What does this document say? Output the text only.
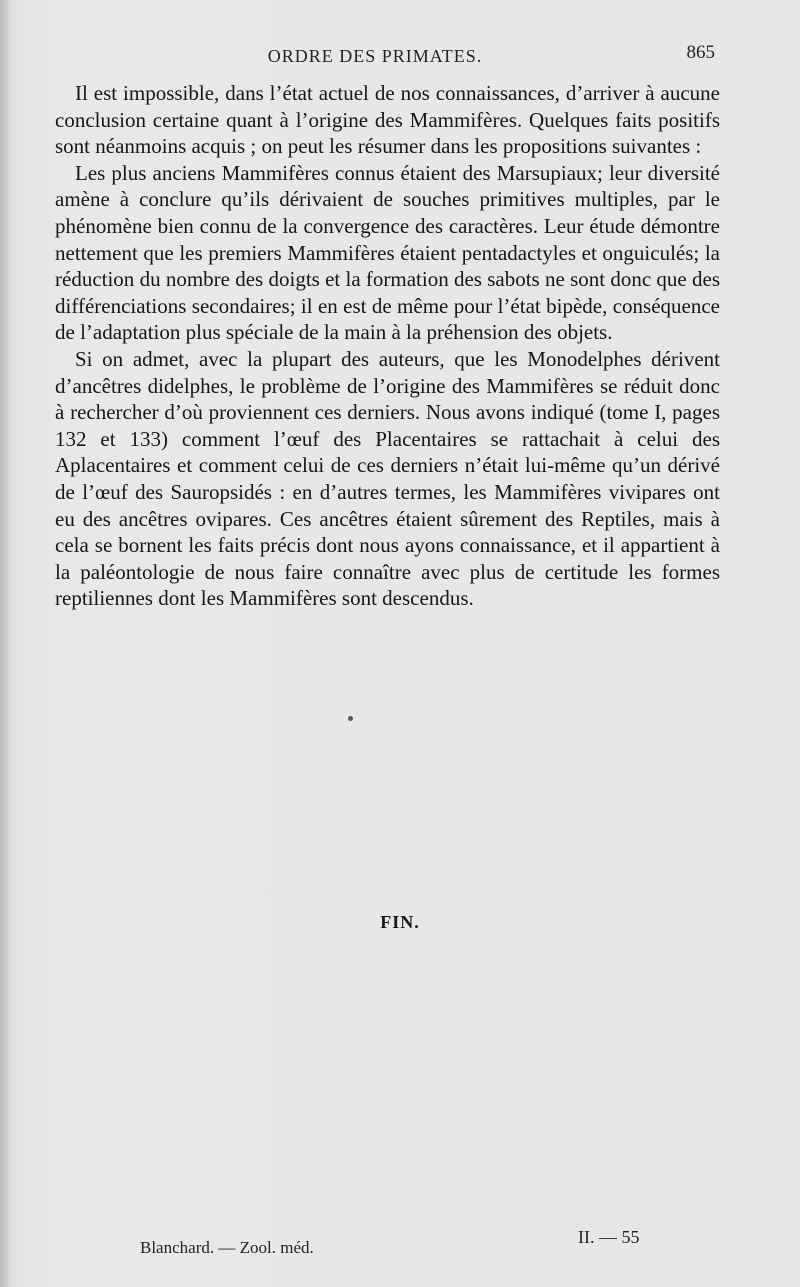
ORDRE DES PRIMATES.	865

Il est impossible, dans l’état actuel de nos connaissances, d’arriver à aucune conclusion certaine quant à l’origine des Mammifères. Quelques faits positifs sont néanmoins acquis ; on peut les résumer dans les propositions suivantes :

Les plus anciens Mammifères connus étaient des Marsupiaux; leur diversité amène à conclure qu’ils dérivaient de souches primitives multiples, par le phénomène bien connu de la convergence des caractères. Leur étude démontre nettement que les premiers Mammifères étaient pentadactyles et onguiculés; la réduction du nombre des doigts et la formation des sabots ne sont donc que des différenciations secondaires; il en est de même pour l’état bipède, conséquence de l’adaptation plus spéciale de la main à la préhension des objets.

Si on admet, avec la plupart des auteurs, que les Monodelphes dérivent d’ancêtres didelphes, le problème de l’origine des Mammifères se réduit donc à rechercher d’où proviennent ces derniers. Nous avons indiqué (tome I, pages 132 et 133) comment l’œuf des Placentaires se rattachait à celui des Aplacentaires et comment celui de ces derniers n’était lui-même qu’un dérivé de l’œuf des Sauropsidés : en d’autres termes, les Mammifères vivipares ont eu des ancêtres ovipares. Ces ancêtres étaient sûrement des Reptiles, mais à cela se bornent les faits précis dont nous ayons connaissance, et il appartient à la paléontologie de nous faire connaître avec plus de certitude les formes reptiliennes dont les Mammifères sont descendus.

FIN.
Blanchard. — Zool. méd.
II. — 55
